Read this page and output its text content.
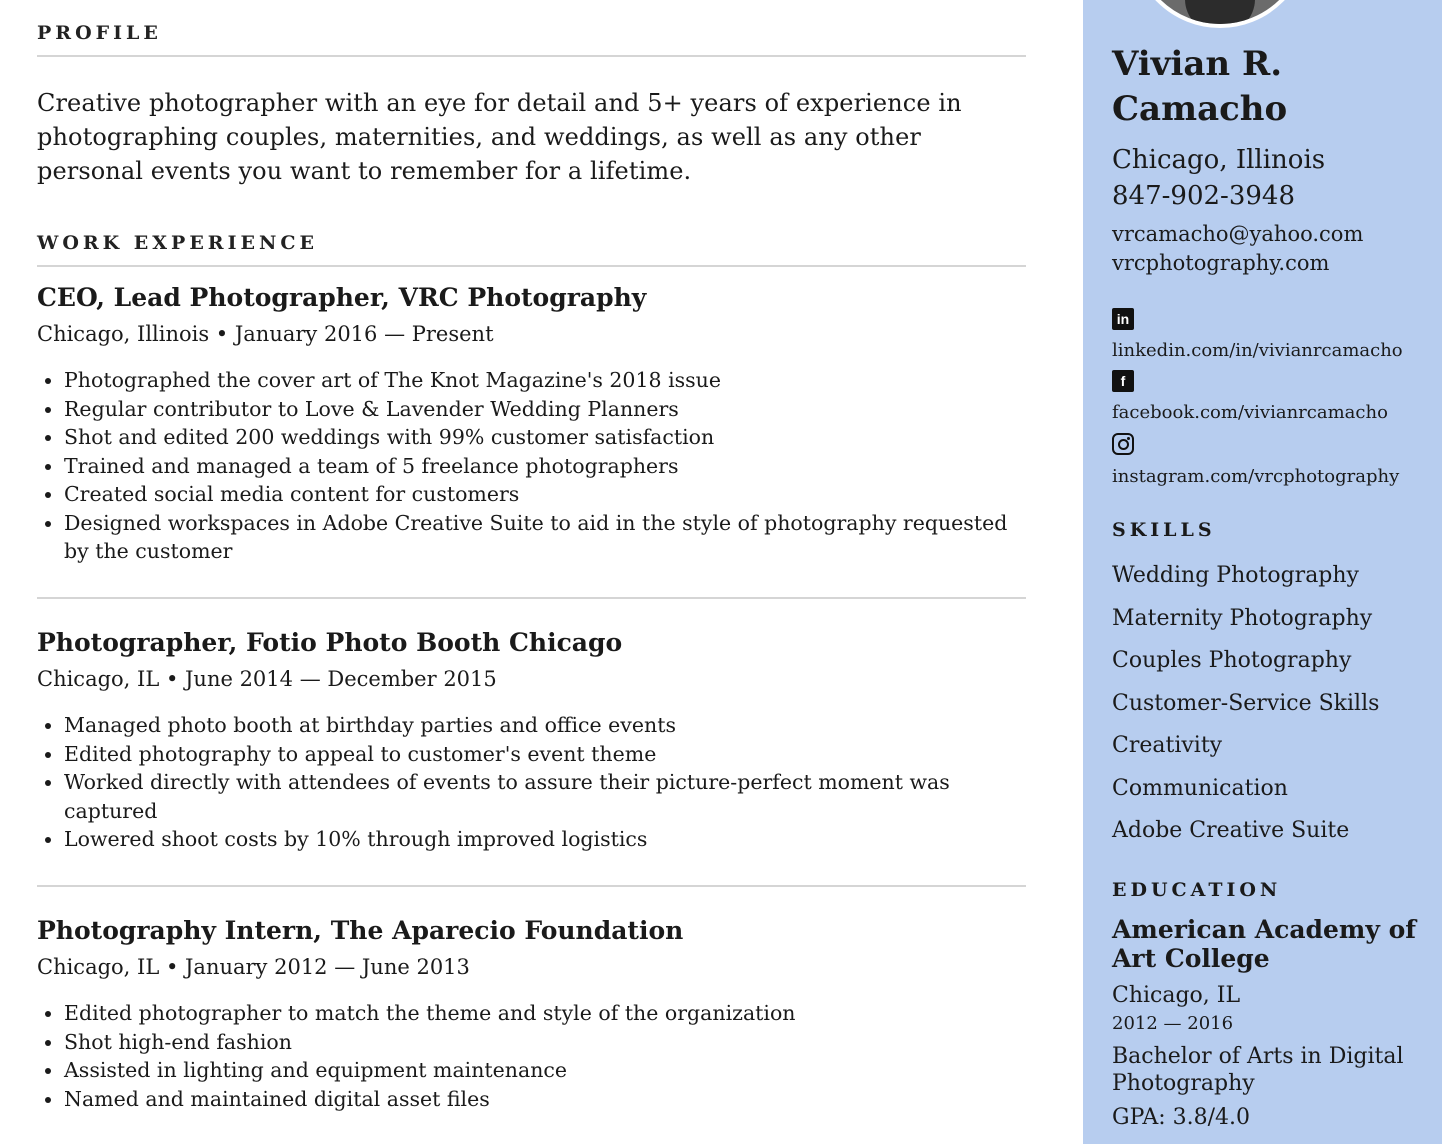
PROFILE

Creative photographer with an eye for detail and 5+ years of experience in photographing couples, maternities, and weddings, as well as any other personal events you want to remember for a lifetime.

WORK EXPERIENCE
CEO, Lead Photographer, VRC Photography

Chicago, Illinois • January 2016 — Present

• Photographed the cover art of The Knot Magazine's 2018 issue
• Regular contributor to Love & Lavender Wedding Planners
• Shot and edited 200 weddings with 99% customer satisfaction
• Trained and managed a team of 5 freelance photographers
• Created social media content for customers
• Designed workspaces in Adobe Creative Suite to aid in the style of photography requested by the customer
Photographer, Fotio Photo Booth Chicago

Chicago, IL • June 2014 — December 2015

• Managed photo booth at birthday parties and office events
• Edited photography to appeal to customer's event theme
• Worked directly with attendees of events to assure their picture-perfect moment was captured
• Lowered shoot costs by 10% through improved logistics
Photography Intern, The Aparecio Foundation

Chicago, IL • January 2012 — June 2013

• Edited photographer to match the theme and style of the organization
• Shot high-end fashion
• Assisted in lighting and equipment maintenance
• Named and maintained digital asset files
Vivian R. Camacho
Chicago, Illinois
847-902-3948
vrcamacho@yahoo.com
vrcphotography.com
in
linkedin.com/in/vivianrcamacho
f
facebook.com/vivianrcamacho
instagram.com/vrcphotography
SKILLS
Wedding Photography
Maternity Photography
Couples Photography
Customer-Service Skills
Creativity
Communication
Adobe Creative Suite
EDUCATION
American Academy of Art College
Chicago, IL
2012 — 2016
Bachelor of Arts in Digital Photography
GPA: 3.8/4.0
